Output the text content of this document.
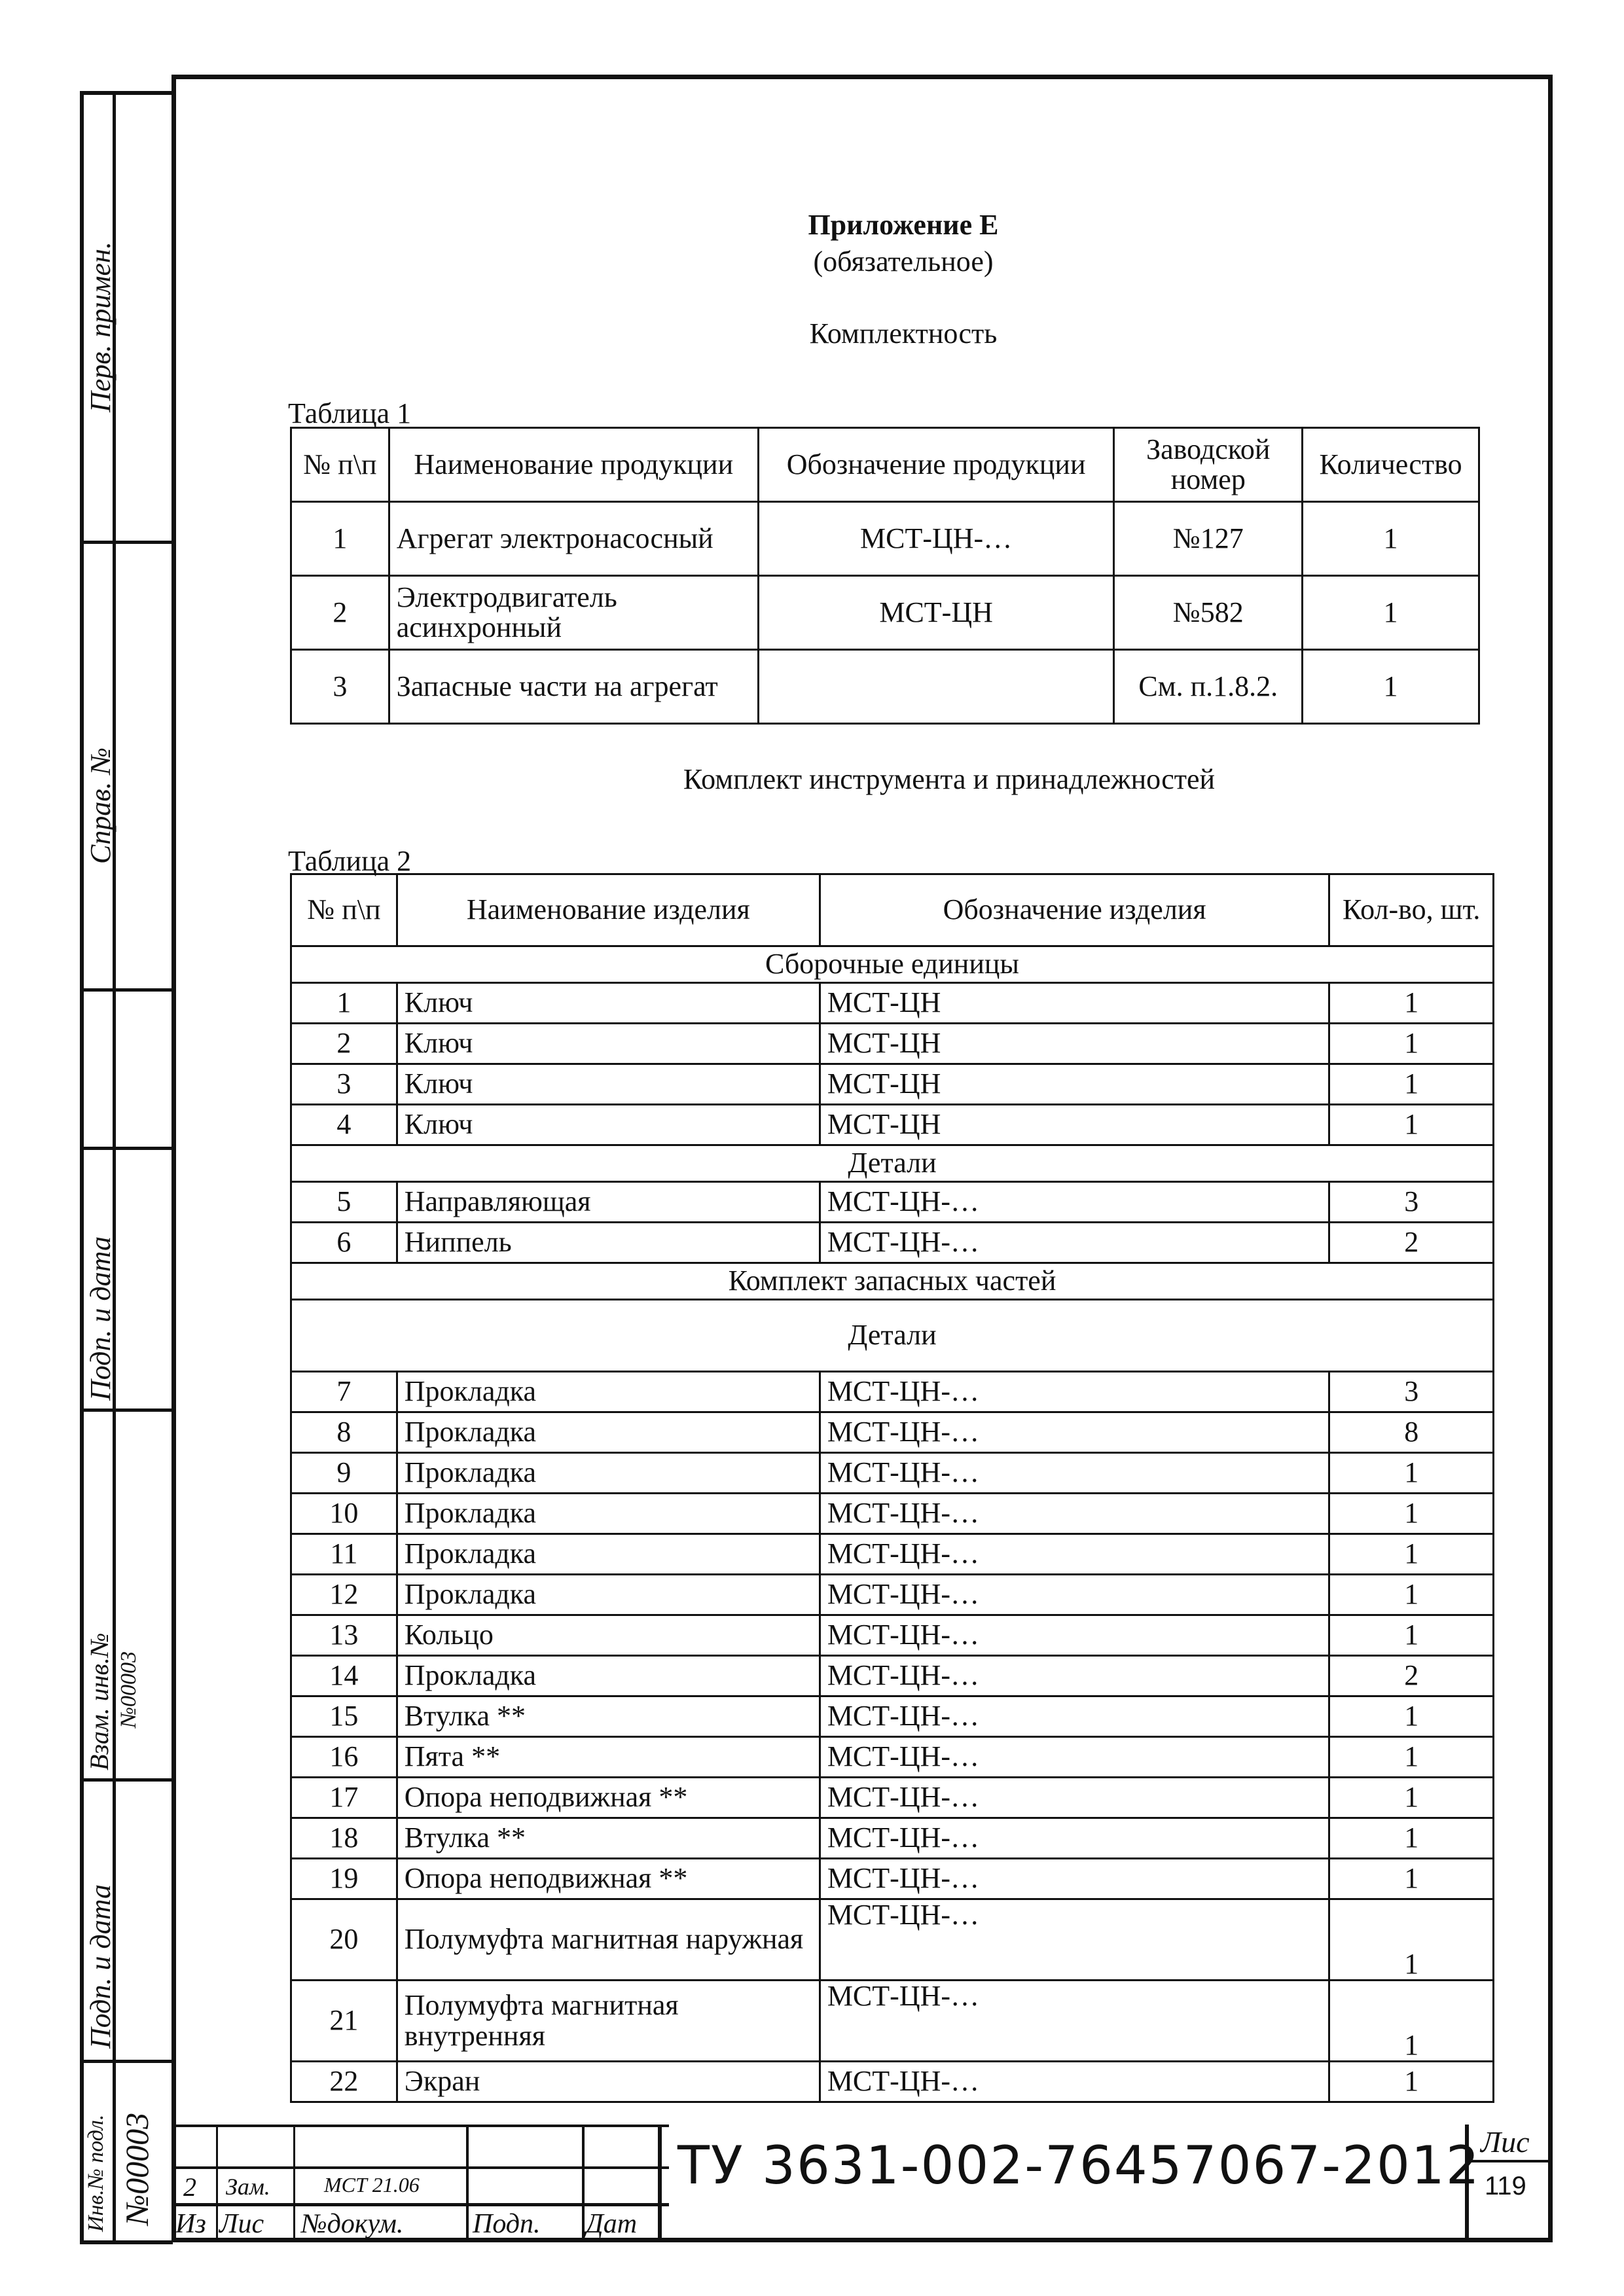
Перв. примен.
Справ. №
Подп. и дата
Взам. инв.№ №00003
Подп. и дата
Инв.№ подл. №00003
Приложение Е
(обязательное)
Комплектность
Таблица 1
№ п\п	Наименование продукции	Обозначение продукции	Заводской номер	Количество
1	Агрегат электронасосный	МСТ-ЦН-…	№127	1
2	Электродвигатель асинхронный	МСТ-ЦН	№582	1
3	Запасные части на агрегат		См. п.1.8.2.	1
Комплект инструмента и принадлежностей
Таблица 2
№ п\п	Наименование изделия	Обозначение изделия	Кол-во, шт.
Сборочные единицы			
1	Ключ	МСТ-ЦН	1
2	Ключ	МСТ-ЦН	1
3	Ключ	МСТ-ЦН	1
4	Ключ	МСТ-ЦН	1
Детали			
5	Направляющая	МСТ-ЦН-…	3
6	Ниппель	МСТ-ЦН-…	2
Комплект запасных частей			
Детали			
7	Прокладка	МСТ-ЦН-…	3
8	Прокладка	МСТ-ЦН-…	8
9	Прокладка	МСТ-ЦН-…	1
10	Прокладка	МСТ-ЦН-…	1
11	Прокладка	МСТ-ЦН-…	1
12	Прокладка	МСТ-ЦН-…	1
13	Кольцо	МСТ-ЦН-…	1
14	Прокладка	МСТ-ЦН-…	2
15	Втулка **	МСТ-ЦН-…	1
16	Пята **	МСТ-ЦН-…	1
17	Опора неподвижная **	МСТ-ЦН-…	1
18	Втулка **	МСТ-ЦН-…	1
19	Опора неподвижная **	МСТ-ЦН-…	1
20	Полумуфта магнитная наружная	МСТ-ЦН-…	1
21	Полумуфта магнитная внутренняя	МСТ-ЦН-…	1
22	Экран	МСТ-ЦН-…	1
2 Зам.	МСТ 21.06
Из Лис №докум.	Подп. Дат
ТУ 3631-002-76457067-2012 Лис
119
